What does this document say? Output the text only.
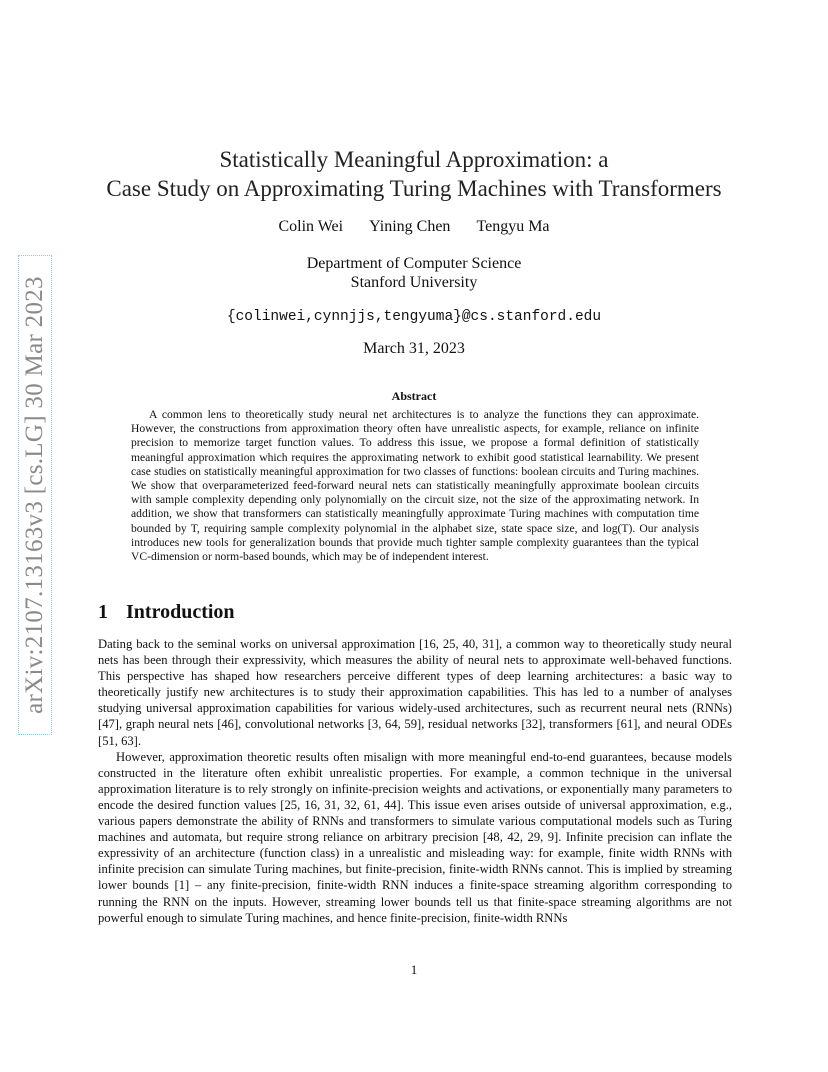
arXiv:2107.13163v3 [cs.LG] 30 Mar 2023
Statistically Meaningful Approximation: a
Case Study on Approximating Turing Machines with Transformers
Colin Wei Yining Chen Tengyu Ma
Department of Computer Science
Stanford University
{colinwei,cynnjjs,tengyuma}@cs.stanford.edu
March 31, 2023
Abstract

A common lens to theoretically study neural net architectures is to analyze the functions they can approximate. However, the constructions from approximation theory often have unrealistic aspects, for example, reliance on infinite precision to memorize target function values. To address this issue, we propose a formal definition of statistically meaningful approximation which requires the approximating network to exhibit good statistical learnability. We present case studies on statistically meaningful approximation for two classes of functions: boolean circuits and Turing machines. We show that overparameterized feed-forward neural nets can statistically meaningfully approximate boolean circuits with sample complexity depending only polynomially on the circuit size, not the size of the approximating network. In addition, we show that transformers can statistically meaningfully approximate Turing machines with computation time bounded by T, requiring sample complexity polynomial in the alphabet size, state space size, and log(T). Our analysis introduces new tools for generalization bounds that provide much tighter sample complexity guarantees than the typical VC-dimension or norm-based bounds, which may be of independent interest.

1 Introduction

Dating back to the seminal works on universal approximation [16, 25, 40, 31], a common way to theoretically study neural nets has been through their expressivity, which measures the ability of neural nets to approximate well-behaved functions. This perspective has shaped how researchers perceive different types of deep learning architectures: a basic way to theoretically justify new architectures is to study their approximation capabilities. This has led to a number of analyses studying universal approximation capabilities for various widely-used architectures, such as recurrent neural nets (RNNs) [47], graph neural nets [46], convolutional networks [3, 64, 59], residual networks [32], transformers [61], and neural ODEs [51, 63].

However, approximation theoretic results often misalign with more meaningful end-to-end guarantees, because models constructed in the literature often exhibit unrealistic properties. For example, a common technique in the universal approximation literature is to rely strongly on infinite-precision weights and activations, or exponentially many parameters to encode the desired function values [25, 16, 31, 32, 61, 44]. This issue even arises outside of universal approximation, e.g., various papers demonstrate the ability of RNNs and transformers to simulate various computational models such as Turing machines and automata, but require strong reliance on arbitrary precision [48, 42, 29, 9]. Infinite precision can inflate the expressivity of an architecture (function class) in a unrealistic and misleading way: for example, finite width RNNs with infinite precision can simulate Turing machines, but finite-precision, finite-width RNNs cannot. This is implied by streaming lower bounds [1] – any finite-precision, finite-width RNN induces a finite-space streaming algorithm corresponding to running the RNN on the inputs. However, streaming lower bounds tell us that finite-space streaming algorithms are not powerful enough to simulate Turing machines, and hence finite-precision, finite-width RNNs

1
